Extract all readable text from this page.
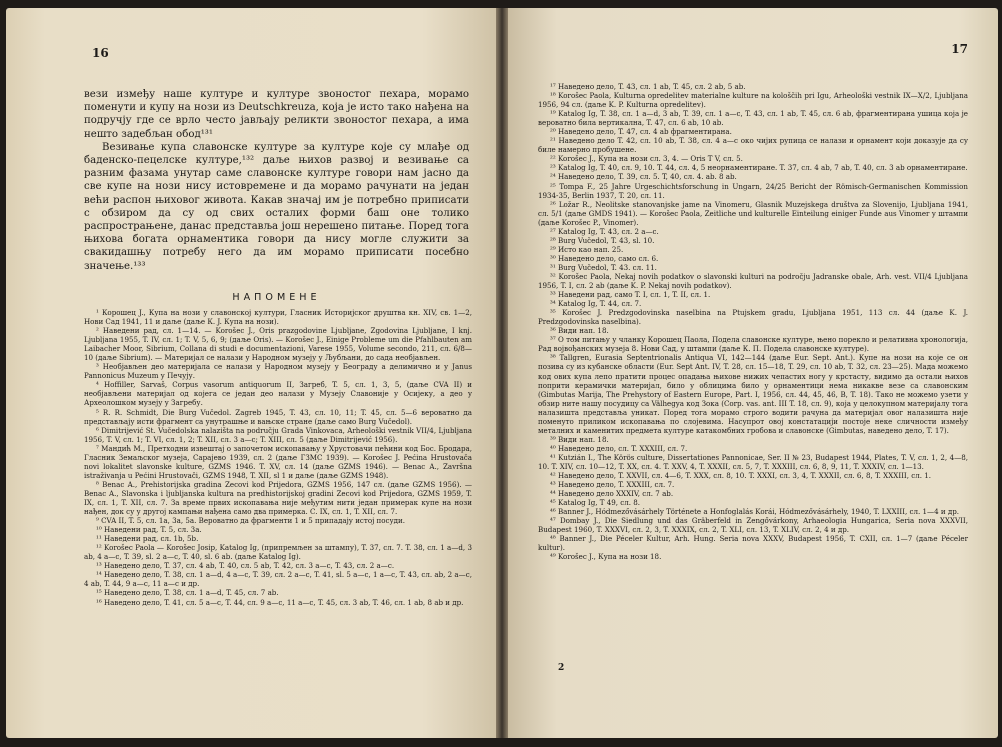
16

вези између наше културе и културе звоностог пехара, морамо поменути и купу на нози из Deutschkreuza, која је исто тако нађена на подручју где се врло често јављају реликти звоностог пехара, а има нешто задебљан обод¹³¹

Везивање купа славонске културе за културе које су млађе од баденско-пецелске културе,¹³² даље њихов развој и везивање са разним фазама унутар саме славонске културе говори нам јасно да све купе на нози нису истовремене и да морамо рачунати на један већи распон њиховог живота. Какав значај им је потребно приписати с обзиром да су од свих осталих форми баш оне толико распрострањене, данас представља још нерешено питање. Поред тога њихова богата орнаментика говори да нису могле служити за свакидашњу потребу него да им морамо приписати посебно значење.¹³³

НАПОМЕНЕ

¹ Коpошец J., Купа на нози у славонској култури, Гласник Историјског друштва кн. XIV, св. 1—2, Нови Сад 1941, 11 и даље (даље К. J. Купа на нози).

² Наведени рад, сл. 1—14. — Korošec J., Oris prazgodovine Ljubljane, Zgodovina Ljubljane, I knj. Ljubljana 1955, T. IV, сл. 1; T. V, 5, 6, 9; (даље Oris). — Korošec J., Einige Probleme um die Pfahlbauten am Laibacher Moor, Sibrium, Collana di studi e documentazioni, Varese 1955, Volume secondo, 211, сл. 6/8—10 (даље Sibrium). — Материјал се налази у Народном музеју у Љубљани, до сада необјављен.

³ Необјављен део материјала се налази у Народном музеју у Београду а делимично и у Janus Pannonicus Muzeum у Печују.

⁴ Hoffiller, Sarvaš, Corpus vasorum antiquorum II, Загреб, T. 5, сл. 1, 3, 5, (даље CVA II) и необјављени материјал од којега се један део налази у Музеју Славоније у Осијеку, а део у Археолошком музеју у Загребу.

⁵ R. R. Schmidt, Die Burg Vučedol. Zagreb 1945, T. 43, сл. 10, 11; T. 45, сл. 5—6 вероватно да представљају исти фрагмент са унутрашње и вањске стране (даље само Burg Vučedol).

⁶ Dimitrijević St. Vučedolska nalazišta na području Grada Vinkovaca, Arheološki vestnik VII/4, Ljubljana 1956, T. V, сл. 1; T. VI, сл. 1, 2; T. XII, сл. 3 а—c; T. XIII, сл. 5 (даље Dimitrijević 1956).

⁷ Мандић М., Претходни извештај о започетом ископавању у Хрустовачи пећини код Бос. Бродара, Гласник Земаљског музеја, Сарајево 1939, сл. 2 (даље ГЗМС 1939). — Korošec J. Pećina Hrustovača novi lokalitet slavonske kulture, GZMS 1946. T. XV, сл. 14 (даље GZMS 1946). — Benac A., Završna istraživanja u Pećini Hrustovači, GZMS 1948, T. XII, sl 1 и даље (даље GZMS 1948).

⁸ Benac A., Prehistorijska gradina Zecovi kod Prijedora, GZMS 1956, 147 сл. (даље GZMS 1956). — Benac A., Slavonska i ljubljanska kultura na predhistorijskoj gradini Zecovi kod Prijedora, GZMS 1959, T. IX, сл. 1, T. XII, сл. 7. За време првих ископавања није међутим нити један примерак купе на нози нађен, док су у другој кампањи нађена само два примерка. C. IX, сл. 1, T. XII, сл. 7.

⁹ CVA II, T. 5, сл. 1а, 3а, 5а. Вероватно да фрагменти 1 и 5 припадају истој посуди.

¹⁰ Наведени рад, T. 5, сл. 3а.

¹¹ Наведени рад, сл. 1b, 5b.

¹² Korošec Paola — Korošec Josip, Katalog Ig, (припремљен за штампу), T. 37, сл. 7. T. 38, сл. 1 а—d, 3 аb, 4 а—c, T. 39, sl. 2 а—c, T. 40, sl. 6 аb. (даље Katalog Ig).

¹³ Наведено дело, T. 37, сл. 4 аb, T. 40, сл. 5 аb, T. 42, сл. 3 а—c, T. 43, сл. 2 а—c.

¹⁴ Наведено дело, T. 38, сл. 1 а—d, 4 а—c, T. 39, сл. 2 а—c, T. 41, sl. 5 а—c, 1 а—c, T. 43, сл. аb, 2 а—c, 4 аb, T. 44, 9 а—c, 11 а—c и др.

¹⁵ Наведено дело, T. 38, сл. 1 а—d, T. 45, сл. 7 аb.

¹⁶ Наведено дело, T. 41, сл. 5 а—c, T. 44, сл. 9 а—c, 11 а—c, T. 45, сл. 3 аb, T. 46, сл. 1 аb, 8 аb и др.

17

¹⁷ Наведено дело, T. 43, сл. 1 аb, T. 45, сл. 2 аb, 5 аb.

¹⁸ Korošec Paola, Kulturna opredelitev materialne kulture na kološčih pri Igu, Arheološki vestnik IX—X/2, Ljubljana 1956, 94 сл. (даље K. P. Kulturna opredelitev).

¹⁹ Katalog Ig, T. 38, сл. 1 а—d, 3 аb, T. 39, сл. 1 а—c, T. 43, сл. 1 аb, T. 45, сл. 6 аb, фрагментирана ушица која је вероватно била вертикална, T. 47, сл. 6 аb, 10 аb.

²⁰ Наведено дело, T. 47, сл. 4 аb фрагментирана.

²¹ Наведено дело T. 42, сл. 10 аb, T. 38, сл. 4 а—c око чијих рупица се налази и орнамент који доказује да су биле намерно пробушене.

²² Korošec J., Купа на нози сл. 3, 4. — Oris T V, сл. 5.

²³ Katalog Ig, T. 40, сл. 9, 10. T. 44, сл. 4, 5 неорнаментиране. T. 37, сл. 4 аb, 7 аb, T. 40, сл. 3 аb орнаментиране.

²⁴ Наведено дело, T. 39, сл. 5. T, 40, сл. 4. аb. 8 аb.

²⁵ Tompa F., 25 Jahre Urgeschichtsforschung in Ungarn, 24/25 Bericht der Römisch-Germanischen Kommission 1934-35, Berlin 1937, T. 20, сл. 11.

²⁶ Ložar R., Neolitske stanovanjske jame na Vinomeru, Glasnik Muzejskega društva za Slovenijo, Ljubljana 1941, сл. 5/1 (даље GMDS 1941). — Korošec Paola, Zeitliche und kulturelle Einteilung einiger Funde aus Vinomer у штампи (даље Korošec P., Vinomer).

²⁷ Katalog Ig, T. 43, сл. 2 а—c.

²⁸ Burg Vučedol, T. 43, sl. 10.

²⁹ Исто као нап. 25.

³⁰ Наведено дело, само сл. 6.

³¹ Burg Vučedol, T. 43. сл. 11.

³² Korošec Paola, Nekaj novih podatkov o slavonski kulturi na področju Jadranske obale, Arh. vest. VII/4 Ljubljana 1956, T. I, сл. 2 аb (даље K. P. Nekaj novih podatkov).

³³ Наведени рад, само T. I, сл. 1, T. II, сл. 1.

³⁴ Katalog Ig, T. 44, сл. 7.

³⁵ Korošec J. Predzgodovinska naselbina na Ptujskem gradu, Ljubljana 1951, 113 сл. 44 (даље K. J. Predzgodovinska naselbina).

³⁶ Види нап. 18.

³⁷ О том питању у чланку Корошец Паола, Подела славонске културе, њено порекло и релативна хронологија, Рад војвођанских музеја 8. Нови Сад, у штампи (даље К. П. Подела славонске културе).

³⁸ Tallgren, Eurasia Septentrionalis Antiqua VI, 142—144 (даље Eur. Sept. Ant.). Купе на нози на које се он позива су из кубанске области (Eur. Sept Ant. IV, T. 28, сл. 15—18, T. 29, сл. 10 аb, T. 32, сл. 23—25). Мада можемо код ових купа лепо пратити процес опадања њихове нижих чепастих ногу у крстасту, видимо да остали њихов поприти керамички материјал, било у облицима било у орнаментици нема никакве везе са славонским (Gimbutas Marija, The Prehystory of Eastern Europe, Part. I, 1956, сл. 44, 45, 46, B, T. 18). Тако не можемо узети у обзир ните нашу посудицу са Välhegya код Зока (Corp. vas. ant. III T. 18, сл. 9), која у целокупном материјалу тога налазишта представља уникат. Поред тога морамо строго водити рачуна да материјал овог налазишта није поменуто приликом ископавања по слојевима. Насупрот овој констатацији постоје неке сличности између металних и каменитих предмета културе катакомбних гробова и славонске (Gimbutas, наведено дело, T. 17).

³⁹ Види нап. 18.

⁴⁰ Наведено дело, сл. T. XXXIII, сл. 7.

⁴¹ Kutzián I., The Körös culture, Dissertationes Pannonicae, Ser. II № 23, Budapest 1944, Plates, T. V, сл. 1, 2, 4—8, 10. T. XIV, сл. 10—12, T. XX, сл. 4. T. XXV, 4, T. XXXII, сл. 5, 7, T. XXXIII, сл. 6, 8, 9, 11, T. XXXIV, сл. 1—13.

⁴² Наведено дело, T. XXVII, сл. 4—6, T. XXX, сл. 8, 10. T. XXXI, сл. 3, 4, T. XXXII, сл. 6, 8, T. XXXIII, сл. 1.

⁴³ Наведено дело, T. XXXIII, сл. 7.

⁴⁴ Наведено дело XXXIV, сл. 7 аb.

⁴⁵ Katalog Ig, T 49, сл. 8.

⁴⁶ Banner J., Hódmezővásárhely Története a Honfoglalás Korái, Hódmezővásárhely, 1940, T. LXXIII, сл. 1—4 и др.

⁴⁷ Dombay J., Die Siedlung und das Gräberfeld in Zengővárkony, Arhaeologia Hungarica, Seria nova XXXVII, Budapest 1960, T. XXXVI, сл. 2, 3, T. XXXIX, сл. 2, T. XLI, сл. 13, T. XLIV, сл. 2, 4 и др.

⁴⁸ Banner J., Die Péceler Kultur, Arh. Hung. Seria nova XXXV, Budapest 1956, T. CXII, сл. 1—7 (даље Péceler kultur).

⁴⁹ Korošec J., Купа на нози 18.

2
